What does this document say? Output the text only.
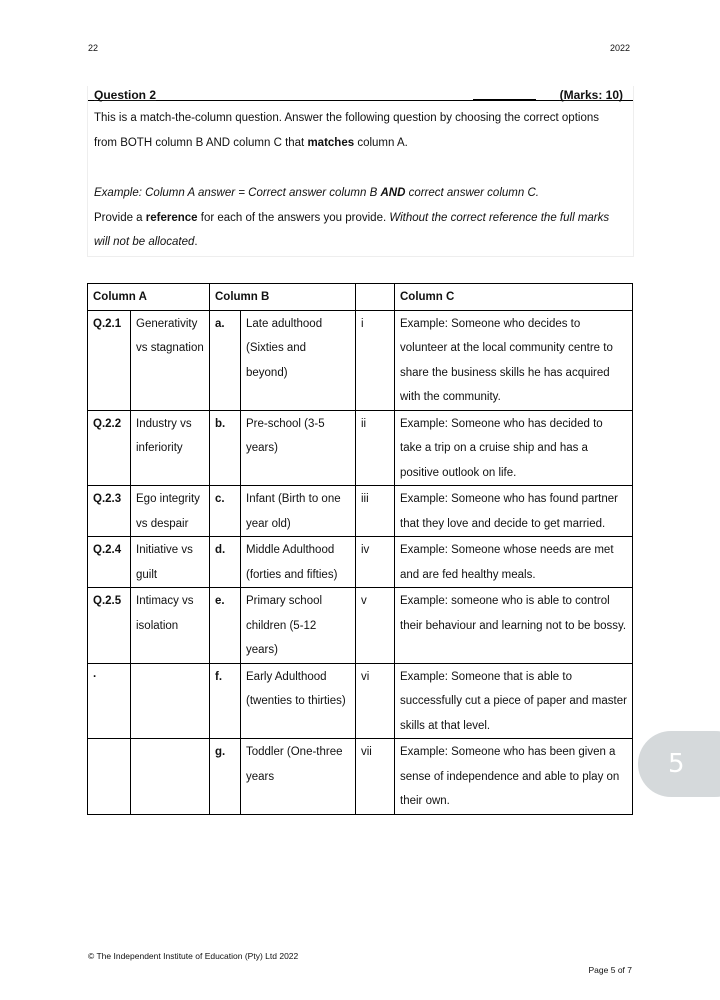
22	2022
Question 2	(Marks: 10)
This is a match-the-column question. Answer the following question by choosing the correct options from BOTH column B AND column C that matches column A.
Example: Column A answer = Correct answer column B AND correct answer column C.
Provide a reference for each of the answers you provide. Without the correct reference the full marks will not be allocated.
Column A		Column B			Column C
Q.2.1	Generativity vs stagnation	a.	Late adulthood (Sixties and beyond)	i	Example: Someone who decides to volunteer at the local community centre to share the business skills he has acquired with the community.
Q.2.2	Industry vs inferiority	b.	Pre-school (3-5 years)	ii	Example: Someone who has decided to take a trip on a cruise ship and has a positive outlook on life.
Q.2.3	Ego integrity vs despair	c.	Infant (Birth to one year old)	iii	Example: Someone who has found partner that they love and decide to get married.
Q.2.4	Initiative vs guilt	d.	Middle Adulthood (forties and fifties)	iv	Example: Someone whose needs are met and are fed healthy meals.
Q.2.5	Intimacy vs isolation	e.	Primary school children (5-12 years)	v	Example: someone who is able to control their behaviour and learning not to be bossy.
·		f.	Early Adulthood (twenties to thirties)	vi	Example: Someone that is able to successfully cut a piece of paper and master skills at that level.
		g.	Toddler (One-three years	vii	Example: Someone who has been given a sense of independence and able to play on their own.
5
© The Independent Institute of Education (Pty) Ltd 2022
Page 5 of 7
